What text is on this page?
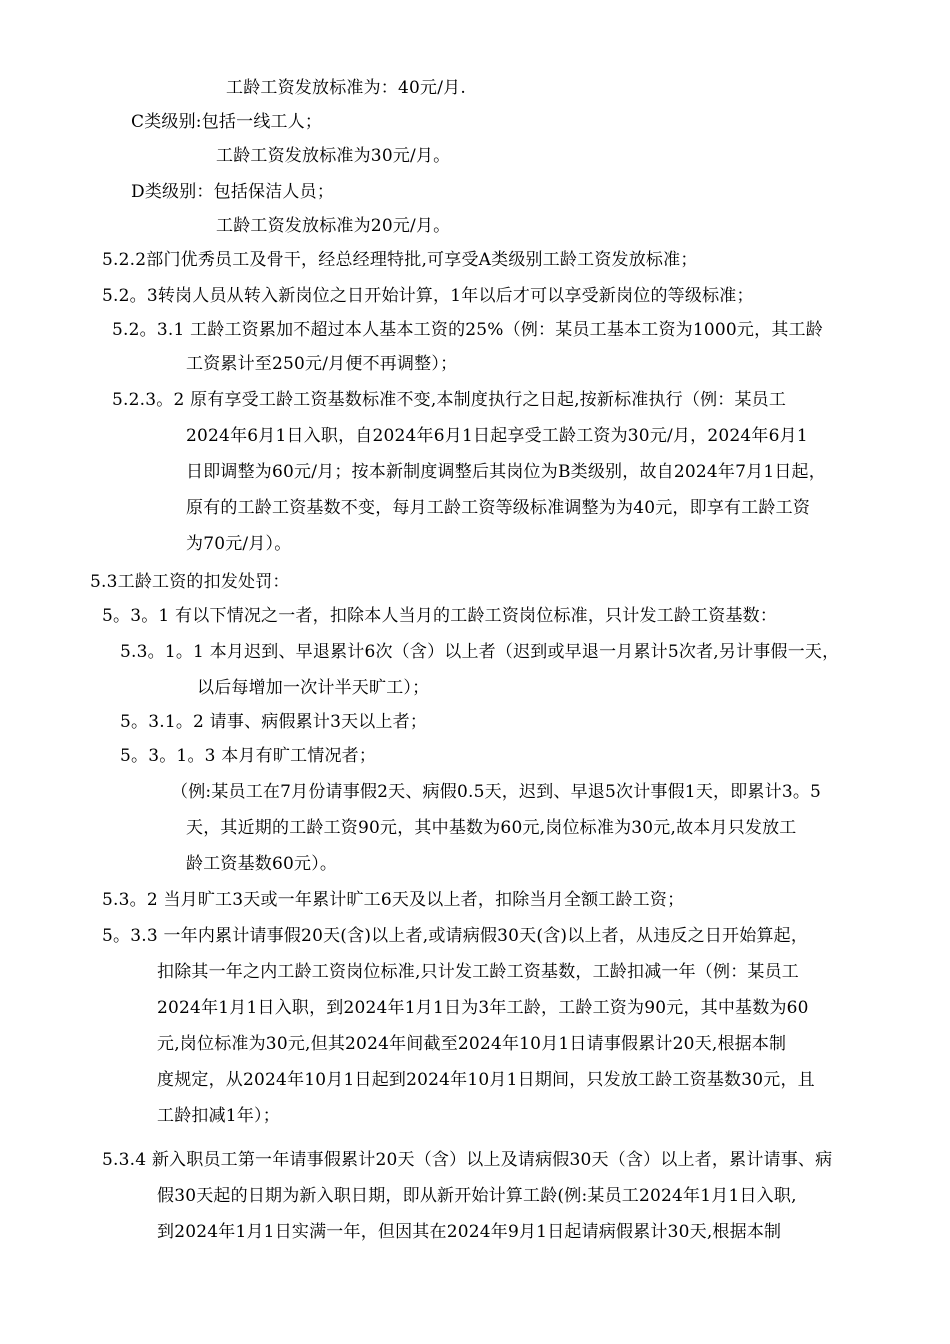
工龄工资发放标准为：40元/月.
C类级别:包括一线工人；
工龄工资发放标准为30元/月。
D类级别：包括保洁人员；
工龄工资发放标准为20元/月。
5.2.2部门优秀员工及骨干，经总经理特批,可享受A类级别工龄工资发放标准；
5.2。3转岗人员从转入新岗位之日开始计算，1年以后才可以享受新岗位的等级标准；
5.2。3.1 工龄工资累加不超过本人基本工资的25%（例：某员工基本工资为1000元，其工龄
工资累计至250元/月便不再调整）；
5.2.3。2 原有享受工龄工资基数标准不变,本制度执行之日起,按新标准执行（例：某员工
2024年6月1日入职，自2024年6月1日起享受工龄工资为30元/月，2024年6月1
日即调整为60元/月；按本新制度调整后其岗位为B类级别，故自2024年7月1日起，
原有的工龄工资基数不变，每月工龄工资等级标准调整为为40元，即享有工龄工资
为70元/月）。
5.3工龄工资的扣发处罚：
5。3。1 有以下情况之一者，扣除本人当月的工龄工资岗位标准，只计发工龄工资基数：
5.3。1。1 本月迟到、早退累计6次（含）以上者（迟到或早退一月累计5次者,另计事假一天，
以后每增加一次计半天旷工）；
5。3.1。2 请事、病假累计3天以上者；
5。3。1。3 本月有旷工情况者；
（例:某员工在7月份请事假2天、病假0.5天，迟到、早退5次计事假1天，即累计3。5
天，其近期的工龄工资90元，其中基数为60元,岗位标准为30元,故本月只发放工
龄工资基数60元）。
5.3。2 当月旷工3天或一年累计旷工6天及以上者，扣除当月全额工龄工资；
5。3.3 一年内累计请事假20天(含)以上者,或请病假30天(含)以上者，从违反之日开始算起，
扣除其一年之内工龄工资岗位标准,只计发工龄工资基数，工龄扣减一年（例：某员工
2024年1月1日入职，到2024年1月1日为3年工龄，工龄工资为90元，其中基数为60
元,岗位标准为30元,但其2024年间截至2024年10月1日请事假累计20天,根据本制
度规定，从2024年10月1日起到2024年10月1日期间，只发放工龄工资基数30元，且
工龄扣减1年）；
5.3.4 新入职员工第一年请事假累计20天（含）以上及请病假30天（含）以上者，累计请事、病
假30天起的日期为新入职日期，即从新开始计算工龄(例:某员工2024年1月1日入职,
到2024年1月1日实满一年，但因其在2024年9月1日起请病假累计30天,根据本制
